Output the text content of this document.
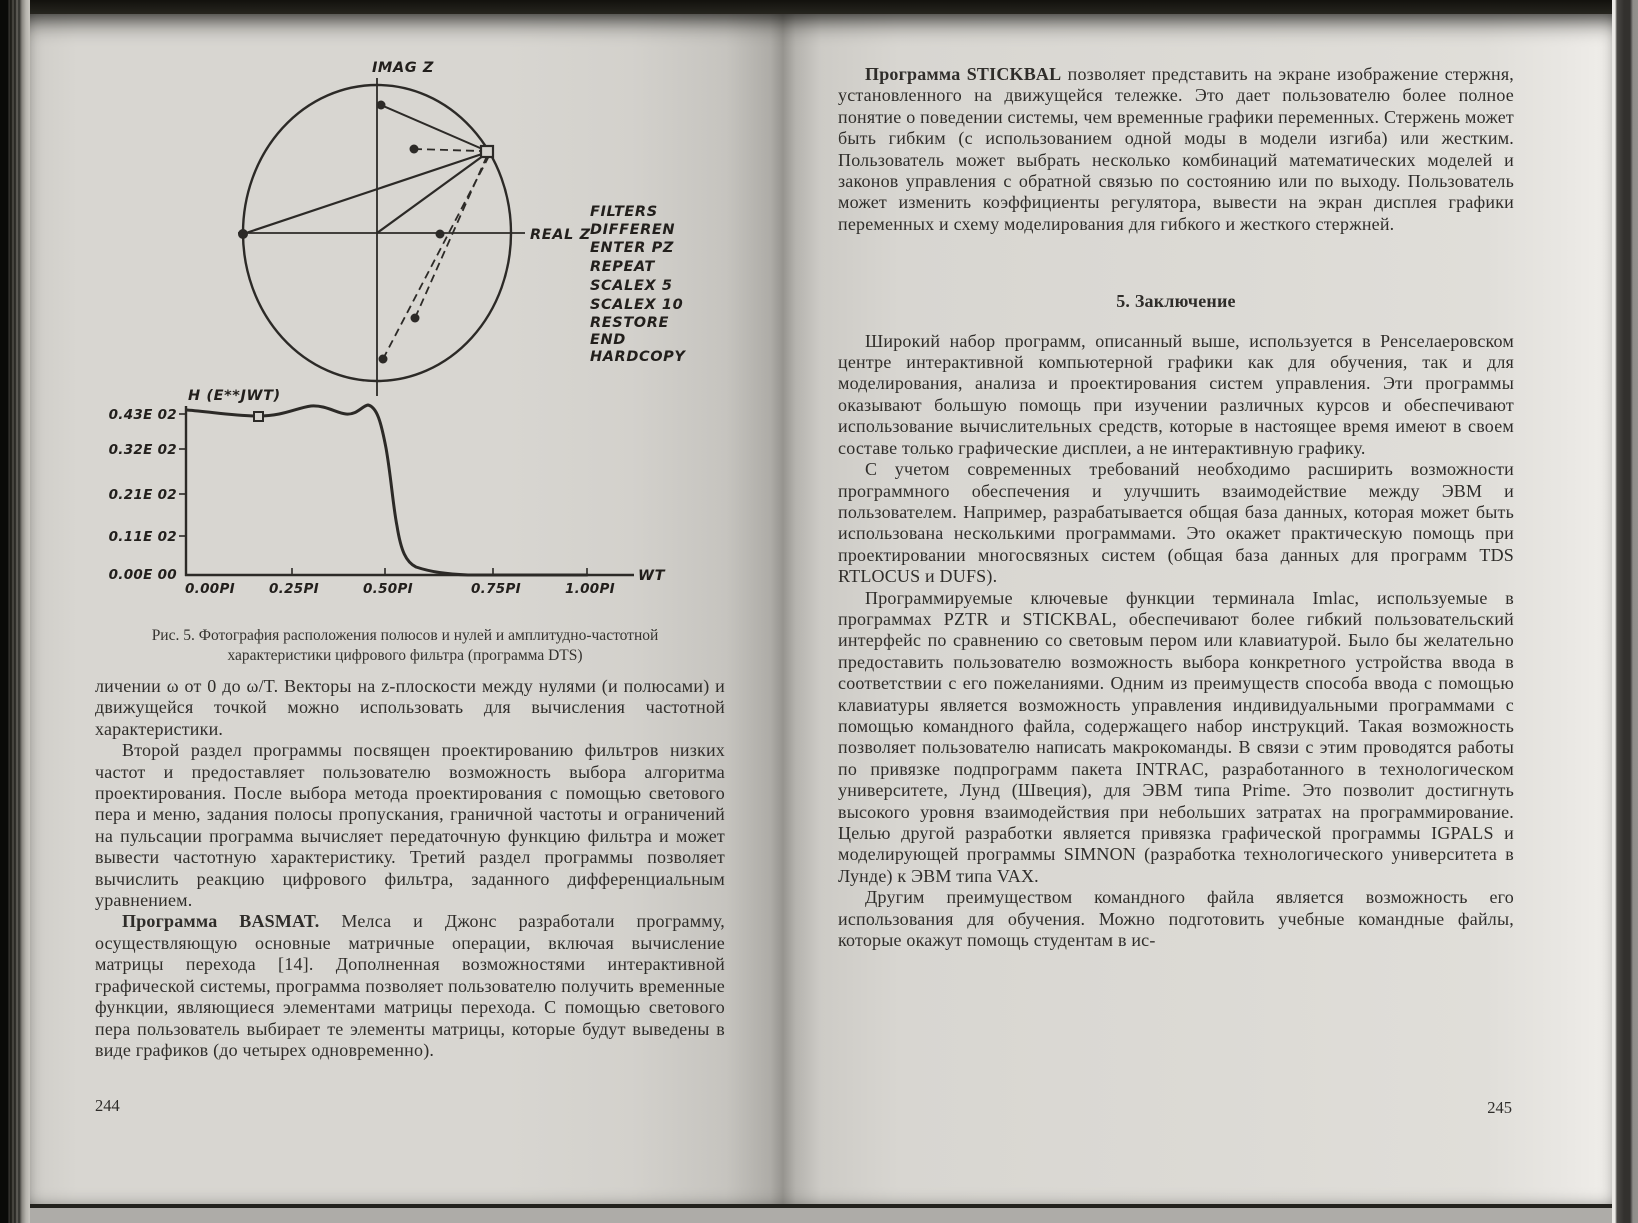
IMAG Z
REAL Z
FILTERS
DIFFEREN
ENTER PZ
REPEAT
SCALEX 5
SCALEX 10
RESTORE
END
HARDCOPY
H (E**JWT)
0.43E 02
0.32E 02
0.21E 02
0.11E 02
0.00E 00
0.00PI	0.25PI	0.50PI	0.75PI	1.00PI
WT
Рис. 5. Фотография расположения полюсов и нулей и амплитудно-частотной
характеристики цифрового фильтра (программа DTS)

личении ω от 0 до ω/T. Векторы на z-плоскости между нулями (и полюсами) и движущейся точкой можно использовать для вычисления частотной характеристики.

Второй раздел программы посвящен проектированию фильтров низких частот и предоставляет пользователю возможность выбора алгоритма проектирования. После выбора метода проектирования с помощью светового пера и меню, задания полосы пропускания, граничной частоты и ограничений на пульсации программа вычисляет передаточную функцию фильтра и может вывести частотную характеристику. Третий раздел программы позволяет вычислить реакцию цифрового фильтра, заданного дифференциальным уравнением.

Программа BASMAT. Мелса и Джонс разработали программу, осуществляющую основные матричные операции, включая вычисление матрицы перехода [14]. Дополненная возможностями интерактивной графической системы, программа позволяет пользователю получить временные функции, являющиеся элементами матрицы перехода. С помощью светового пера пользователь выбирает те элементы матрицы, которые будут выведены в виде графиков (до четырех одновременно).

244

Программа STICKBAL позволяет представить на экране изображение стержня, установленного на движущейся тележке. Это дает пользователю более полное понятие о поведении системы, чем временные графики переменных. Стержень может быть гибким (с использованием одной моды в модели изгиба) или жестким. Пользователь может выбрать несколько комбинаций математических моделей и законов управления с обратной связью по состоянию или по выходу. Пользователь может изменить коэффициенты регулятора, вывести на экран дисплея графики переменных и схему моделирования для гибкого и жесткого стержней.

5. Заключение

Широкий набор программ, описанный выше, используется в Ренселаеровском центре интерактивной компьютерной графики как для обучения, так и для моделирования, анализа и проектирования систем управления. Эти программы оказывают большую помощь при изучении различных курсов и обеспечивают использование вычислительных средств, которые в настоящее время имеют в своем составе только графические дисплеи, а не интерактивную графику.

С учетом современных требований необходимо расширить возможности программного обеспечения и улучшить взаимодействие между ЭВМ и пользователем. Например, разрабатывается общая база данных, которая может быть использована несколькими программами. Это окажет практическую помощь при проектировании многосвязных систем (общая база данных для программ TDS RTLOCUS и DUFS).

Программируемые ключевые функции терминала Imlac, используемые в программах PZTR и STICKBAL, обеспечивают более гибкий пользовательский интерфейс по сравнению со световым пером или клавиатурой. Было бы желательно предоставить пользователю возможность выбора конкретного устройства ввода в соответствии с его пожеланиями. Одним из преимуществ способа ввода с помощью клавиатуры является возможность управления индивидуальными программами с помощью командного файла, содержащего набор инструкций. Такая возможность позволяет пользователю написать макрокоманды. В связи с этим проводятся работы по привязке подпрограмм пакета INTRAC, разработанного в технологическом университете, Лунд (Швеция), для ЭВМ типа Prime. Это позволит достигнуть высокого уровня взаимодействия при небольших затратах на программирование. Целью другой разработки является привязка графической программы IGPALS и моделирующей программы SIMNON (разработка технологического университета в Лунде) к ЭВМ типа VAX.

Другим преимуществом командного файла является возможность его использования для обучения. Можно подготовить учебные командные файлы, которые окажут помощь студентам в ис-

245
